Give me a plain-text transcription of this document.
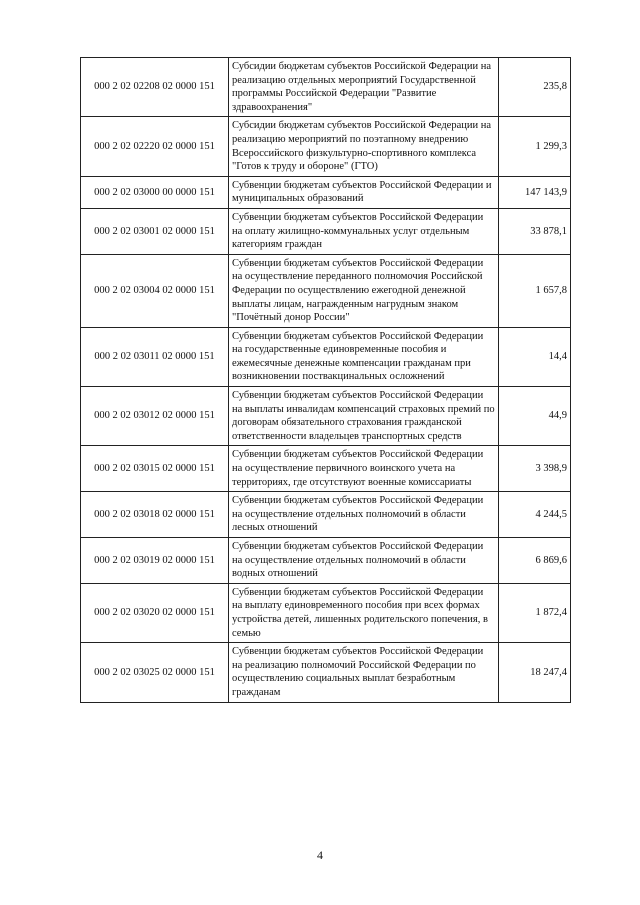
000 2 02 02208 02 0000 151	Субсидии бюджетам субъектов Российской Федерации на реализацию отдельных мероприятий Государственной программы Российской Федерации "Развитие здравоохранения"	235,8
000 2 02 02220 02 0000 151	Субсидии бюджетам субъектов Российской Федерации на реализацию мероприятий по поэтапному внедрению Всероссийского физкультурно-спортивного комплекса "Готов к труду и обороне" (ГТО)	1 299,3
000 2 02 03000 00 0000 151	Субвенции бюджетам субъектов Российской Федерации и муниципальных образований	147 143,9
000 2 02 03001 02 0000 151	Субвенции бюджетам субъектов Российской Федерации на оплату жилищно-коммунальных услуг отдельным категориям граждан	33 878,1
000 2 02 03004 02 0000 151	Субвенции бюджетам субъектов Российской Федерации на осуществление переданного полномочия Российской Федерации по осуществлению ежегодной денежной выплаты лицам, награжденным нагрудным знаком "Почётный донор России"	1 657,8
000 2 02 03011 02 0000 151	Субвенции бюджетам субъектов Российской Федерации на государственные единовременные пособия и ежемесячные денежные компенсации гражданам при возникновении поствакцинальных осложнений	14,4
000 2 02 03012 02 0000 151	Субвенции бюджетам субъектов Российской Федерации на выплаты инвалидам компенсаций страховых премий по договорам обязательного страхования гражданской ответственности владельцев транспортных средств	44,9
000 2 02 03015 02 0000 151	Субвенции бюджетам субъектов Российской Федерации на осуществление первичного воинского учета на территориях, где отсутствуют военные комиссариаты	3 398,9
000 2 02 03018 02 0000 151	Субвенции бюджетам субъектов Российской Федерации на осуществление отдельных полномочий в области лесных отношений	4 244,5
000 2 02 03019 02 0000 151	Субвенции бюджетам субъектов Российской Федерации на осуществление отдельных полномочий в области водных отношений	6 869,6
000 2 02 03020 02 0000 151	Субвенции бюджетам субъектов Российской Федерации на выплату единовременного пособия при всех формах устройства детей, лишенных родительского попечения, в семью	1 872,4
000 2 02 03025 02 0000 151	Субвенции бюджетам субъектов Российской Федерации на реализацию полномочий Российской Федерации по осуществлению социальных выплат безработным гражданам	18 247,4
4
